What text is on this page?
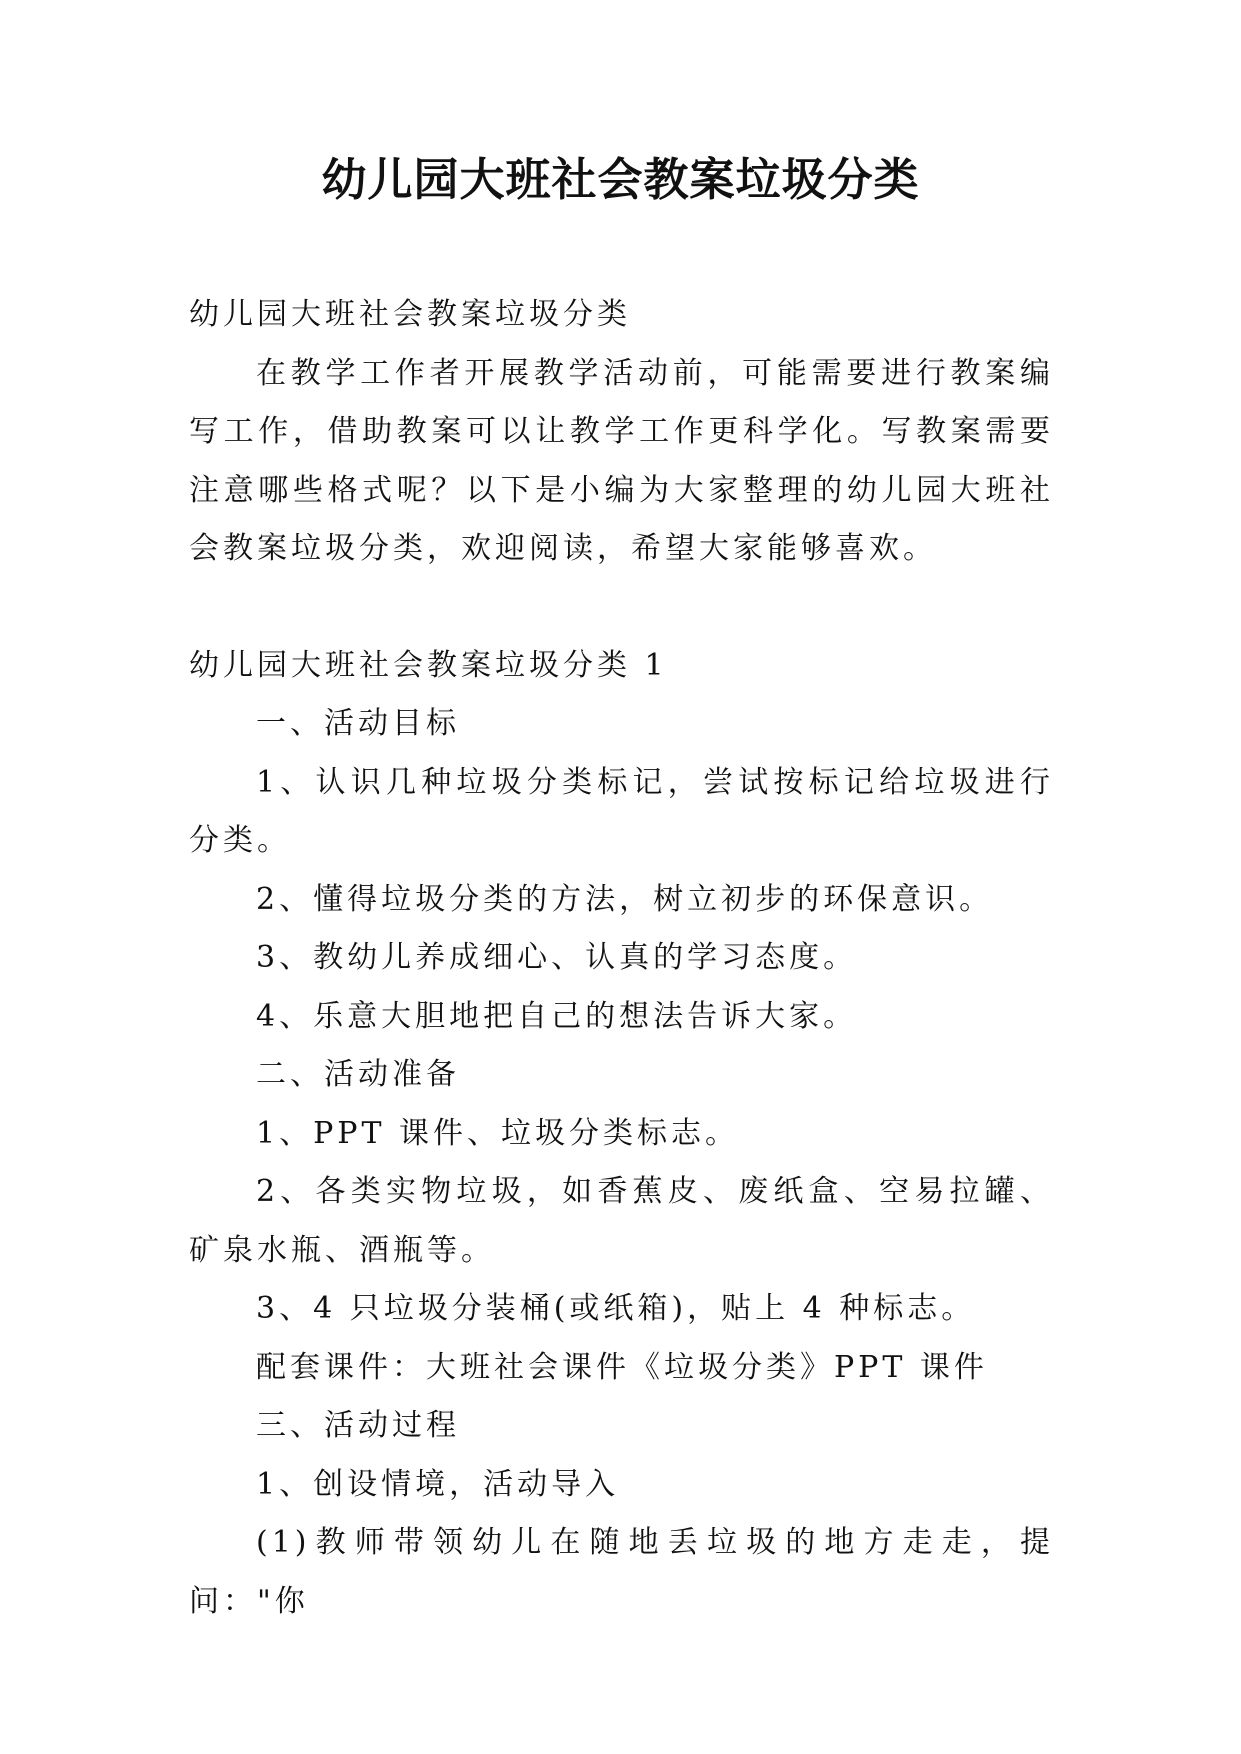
幼儿园大班社会教案垃圾分类

幼儿园大班社会教案垃圾分类

在教学工作者开展教学活动前，可能需要进行教案编写工作，借助教案可以让教学工作更科学化。写教案需要注意哪些格式呢？以下是小编为大家整理的幼儿园大班社会教案垃圾分类，欢迎阅读，希望大家能够喜欢。

幼儿园大班社会教案垃圾分类 1

一、活动目标

1、认识几种垃圾分类标记，尝试按标记给垃圾进行分类。

2、懂得垃圾分类的方法，树立初步的环保意识。

3、教幼儿养成细心、认真的学习态度。

4、乐意大胆地把自己的想法告诉大家。

二、活动准备

1、PPT 课件、垃圾分类标志。

2、各类实物垃圾，如香蕉皮、废纸盒、空易拉罐、矿泉水瓶、酒瓶等。

3、4 只垃圾分装桶(或纸箱)，贴上 4 种标志。

配套课件：大班社会课件《垃圾分类》PPT 课件

三、活动过程

1、创设情境，活动导入

(1)教师带领幼儿在随地丢垃圾的地方走走，提问："你
